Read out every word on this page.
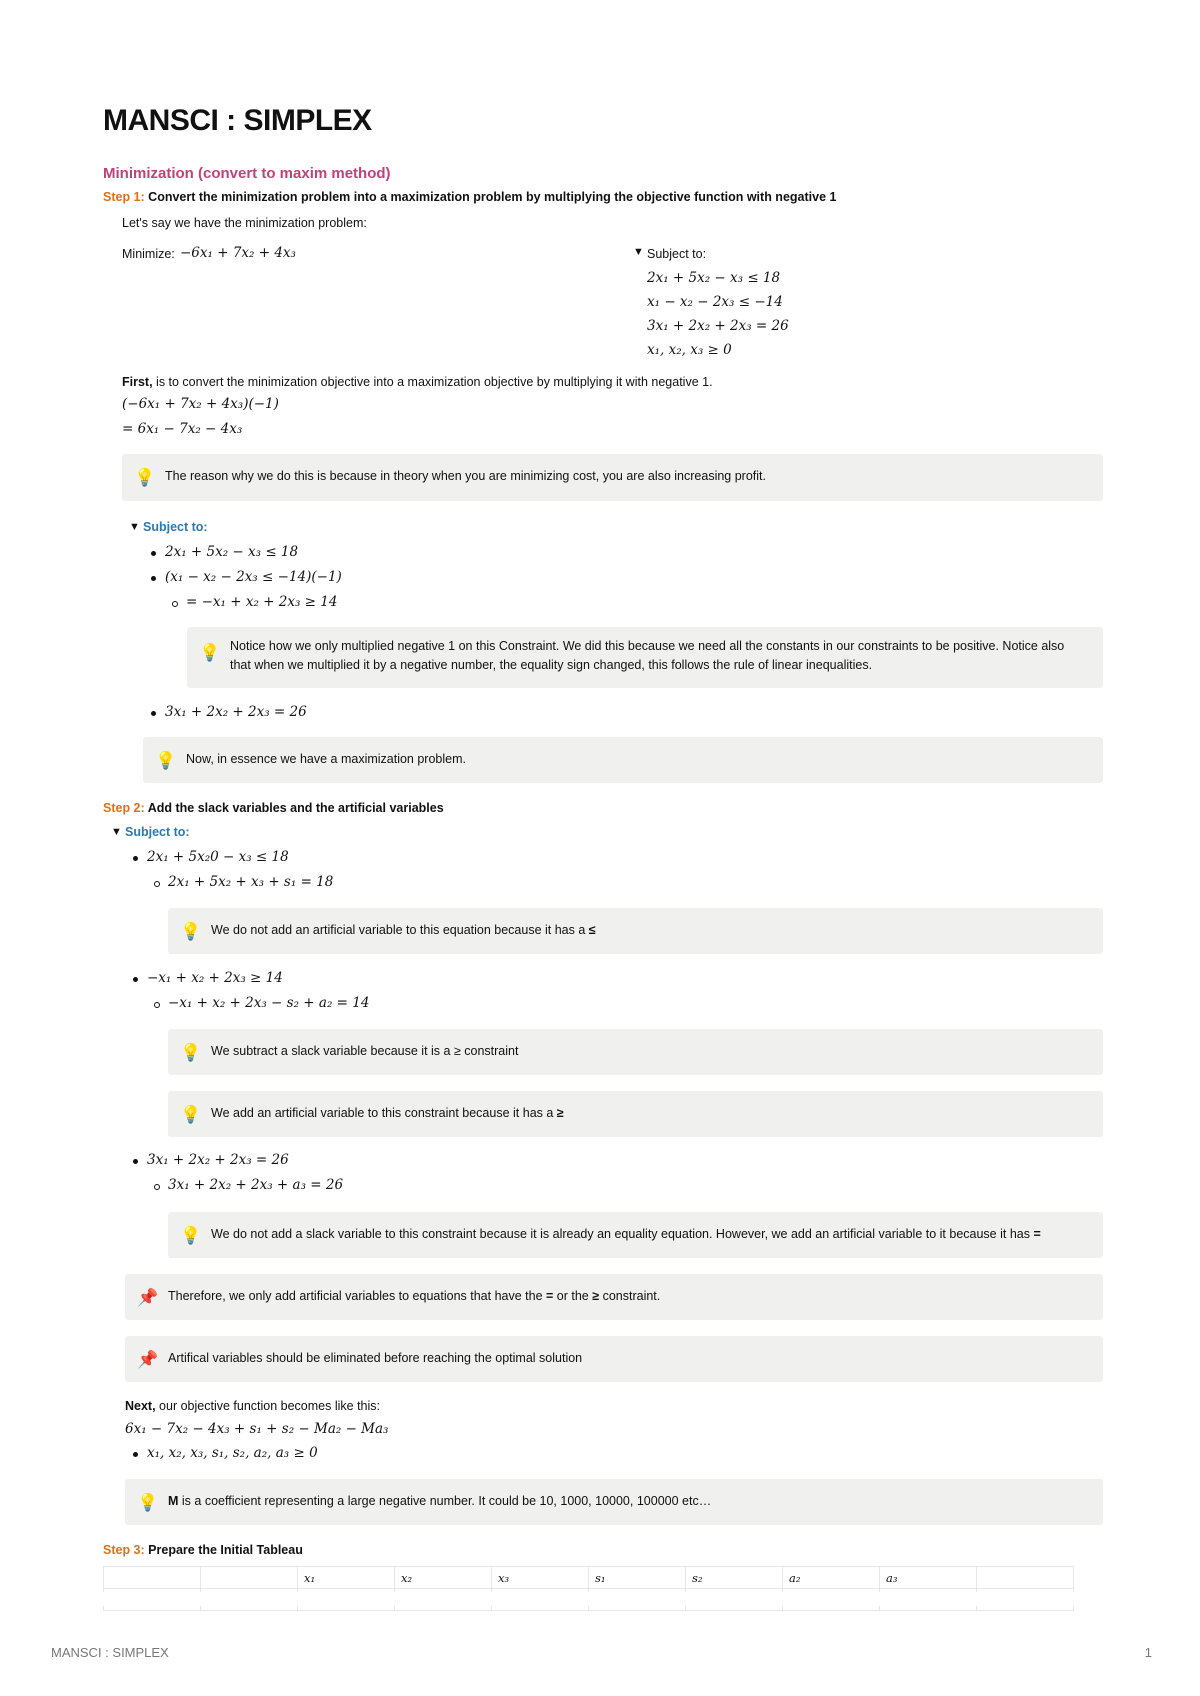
MANSCI : SIMPLEX
Minimization (convert to maxim method)
Step 1: Convert the minimization problem into a maximization problem by multiplying the objective function with negative 1
Let's say we have the minimization problem:
Minimize: −6x₁ + 7x₂ + 4x₃	▼ Subject to:
2x₁ + 5x₂ − x₃ ≤ 18
x₁ − x₂ − 2x₃ ≤ −14
3x₁ + 2x₂ + 2x₃ = 26
x₁, x₂, x₃ ≥ 0
First, is to convert the minimization objective into a maximization objective by multiplying it with negative 1.
(−6x₁ + 7x₂ + 4x₃)(−1)
= 6x₁ − 7x₂ − 4x₃
💡 The reason why we do this is because in theory when you are minimizing cost, you are also increasing profit.
▼ Subject to:
2x₁ + 5x₂ − x₃ ≤ 18
(x₁ − x₂ − 2x₃ ≤ −14)(−1)
= −x₁ + x₂ + 2x₃ ≥ 14
💡 Notice how we only multiplied negative 1 on this Constraint. We did this because we need all the constants in our constraints to be positive. Notice also that when we multiplied it by a negative number, the equality sign changed, this follows the rule of linear inequalities.
3x₁ + 2x₂ + 2x₃ = 26
💡 Now, in essence we have a maximization problem.
Step 2: Add the slack variables and the artificial variables
▼ Subject to:
2x₁ + 5x₂0 − x₃ ≤ 18
2x₁ + 5x₂ + x₃ + s₁ = 18
💡 We do not add an artificial variable to this equation because it has a ≤
−x₁ + x₂ + 2x₃ ≥ 14
−x₁ + x₂ + 2x₃ − s₂ + a₂ = 14
💡 We subtract a slack variable because it is a ≥ constraint
💡 We add an artificial variable to this constraint because it has a ≥
3x₁ + 2x₂ + 2x₃ = 26
3x₁ + 2x₂ + 2x₃ + a₃ = 26
💡 We do not add a slack variable to this constraint because it is already an equality equation. However, we add an artificial variable to it because it has =
📌 Therefore, we only add artificial variables to equations that have the = or the ≥ constraint.
📌 Artifical variables should be eliminated before reaching the optimal solution
Next, our objective function becomes like this:
6x₁ − 7x₂ − 4x₃ + s₁ + s₂ − Ma₂ − Ma₃
x₁, x₂, x₃, s₁, s₂, a₂, a₃ ≥ 0
💡 M is a coefficient representing a large negative number. It could be 10, 1000, 10000, 100000 etc…
Step 3: Prepare the Initial Tableau
		x₁	x₂	x₃	s₁	s₂	a₂	a₃	

MANSCI : SIMPLEX	1
